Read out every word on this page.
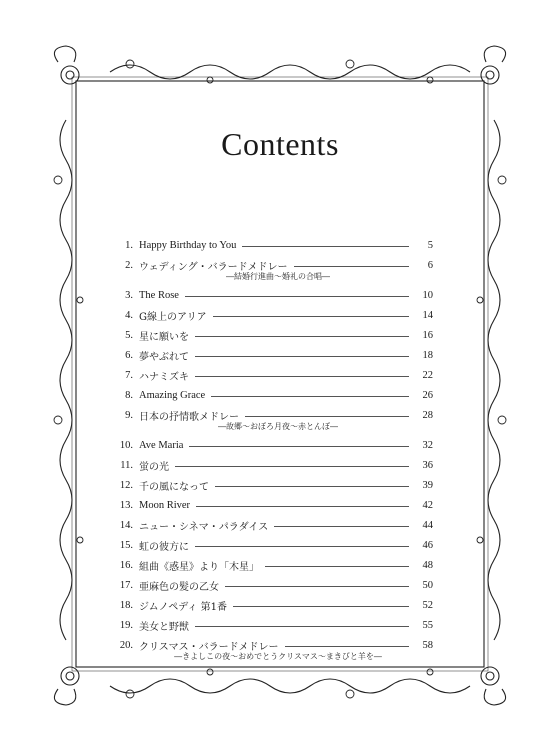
Contents
1. Happy Birthday to You	5
2. ウェディング・バラードメドレー	6
―結婚行進曲～婚礼の合唱―
3. The Rose	10
4. G線上のアリア	14
5. 星に願いを	16
6. 夢やぶれて	18
7. ハナミズキ	22
8. Amazing Grace	26
9. 日本の抒情歌メドレー	28
―故郷～おぼろ月夜～赤とんぼ―
10. Ave Maria	32
11. 蛍の光	36
12. 千の風になって	39
13. Moon River	42
14. ニュー・シネマ・パラダイス	44
15. 虹の彼方に	46
16. 組曲《惑星》より「木星」	48
17. 亜麻色の髪の乙女	50
18. ジムノペディ 第1番	52
19. 美女と野獣	55
20. クリスマス・バラードメドレー	58
―きよしこの夜～おめでとうクリスマス～まきびと羊を―
